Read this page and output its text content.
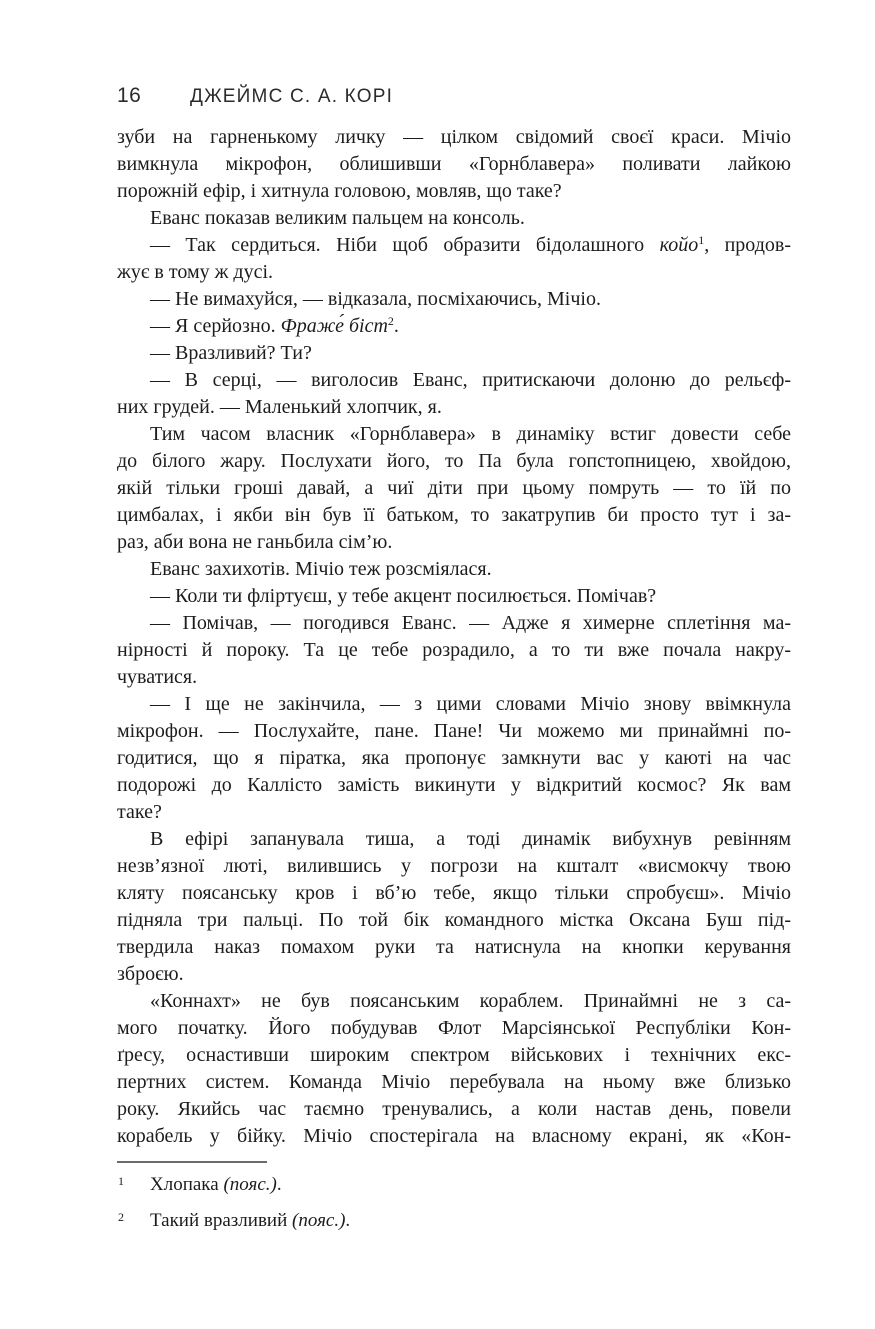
16	ДЖЕЙМС С. А. КОРІ
зуби на гарненькому личку — цілком свідомий своєї краси. Мічіо
вимкнула мікрофон, облишивши «Горнблавера» поливати лайкою
порожній ефір, і хитнула головою, мовляв, що таке?
Еванс показав великим пальцем на консоль.
— Так сердиться. Ніби щоб образити бідолашного койо$^1$, продов-
жує в тому ж дусі.
— Не вимахуйся, — відказала, посміхаючись, Мічіо.
— Я серйозно. Фраже́ біст$^2$.
— Вразливий? Ти?
— В серці, — виголосив Еванс, притискаючи долоню до рельєф-
них грудей. — Маленький хлопчик, я.
Тим часом власник «Горнблавера» в динаміку встиг довести себе
до білого жару. Послухати його, то Па була гопстопницею, хвойдою,
якій тільки гроші давай, а чиї діти при цьому помруть — то їй по
цимбалах, і якби він був її батьком, то закатрупив би просто тут і за-
раз, аби вона не ганьбила сім’ю.
Еванс захихотів. Мічіо теж розсміялася.
— Коли ти фліртуєш, у тебе акцент посилюється. Помічав?
— Помічав, — погодився Еванс. — Адже я химерне сплетіння ма-
нірності й пороку. Та це тебе розрадило, а то ти вже почала накру-
чуватися.
— І ще не закінчила, — з цими словами Мічіо знову ввімкнула
мікрофон. — Послухайте, пане. Пане! Чи можемо ми принаймні по-
годитися, що я піратка, яка пропонує замкнути вас у каюті на час
подорожі до Каллісто замість викинути у відкритий космос? Як вам
таке?
В ефірі запанувала тиша, а тоді динамік вибухнув ревінням
незв’язної люті, вилившись у погрози на кшталт «висмокчу твою
кляту поясанську кров і вб’ю тебе, якщо тільки спробуєш». Мічіо
підняла три пальці. По той бік командного містка Оксана Буш під-
твердила наказ помахом руки та натиснула на кнопки керування
зброєю.
«Коннахт» не був поясанським кораблем. Принаймні не з са-
мого початку. Його побудував Флот Марсіянської Республіки Кон-
ґресу, оснастивши широким спектром військових і технічних екс-
пертних систем. Команда Мічіо перебувала на ньому вже близько
року. Якийсь час таємно тренувались, а коли настав день, повели
корабель у бійку. Мічіо спостерігала на власному екрані, як «Кон-
1 Хлопака (пояс.).
2 Такий вразливий (пояс.).
